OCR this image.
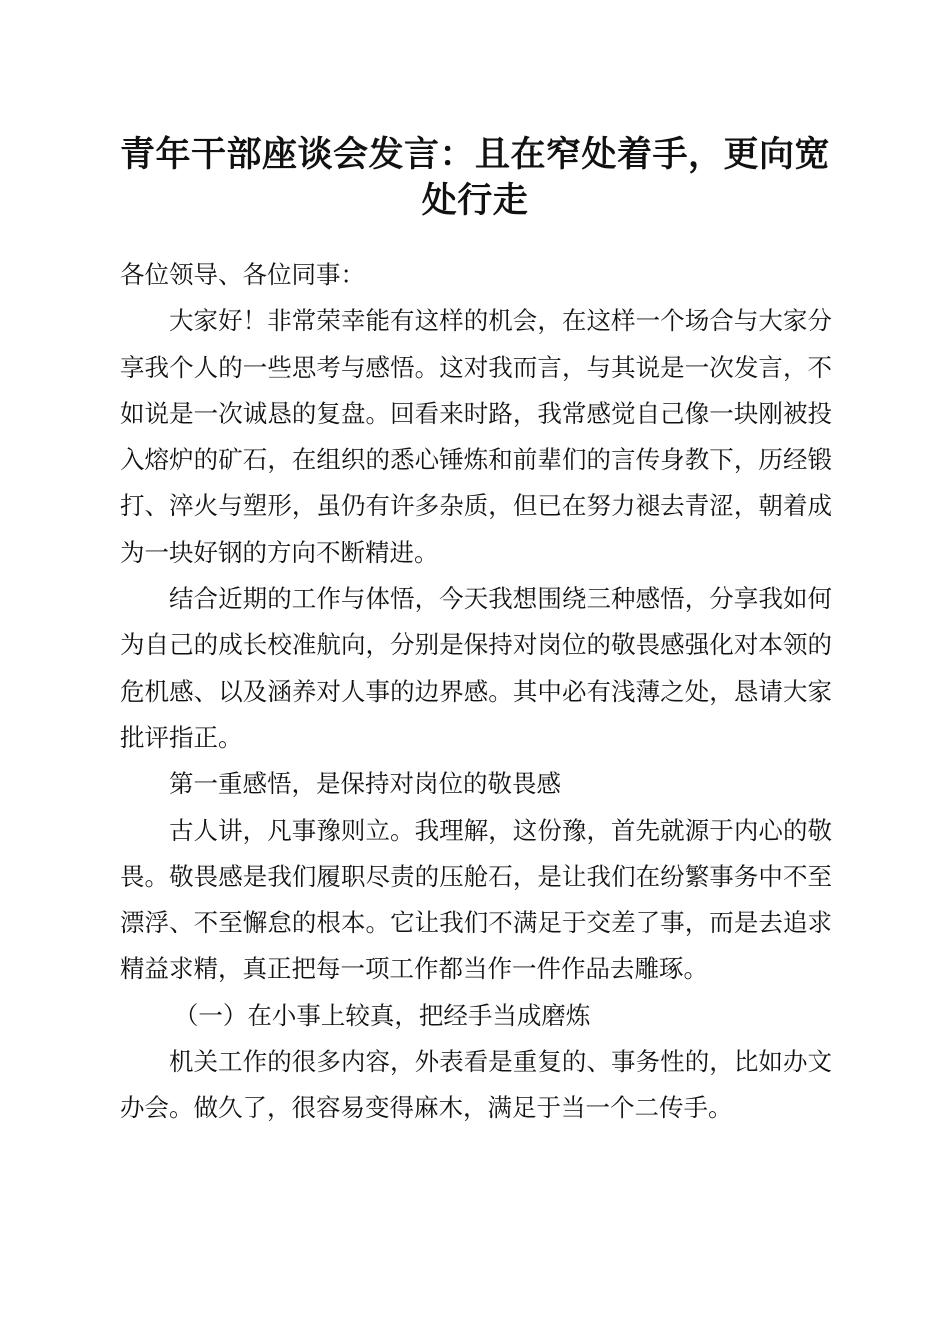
青年干部座谈会发言：且在窄处着手，更向宽处行走

各位领导、各位同事：

大家好！非常荣幸能有这样的机会，在这样一个场合与大家分享我个人的一些思考与感悟。这对我而言，与其说是一次发言，不如说是一次诚恳的复盘。回看来时路，我常感觉自己像一块刚被投入熔炉的矿石，在组织的悉心锤炼和前辈们的言传身教下，历经锻打、淬火与塑形，虽仍有许多杂质，但已在努力褪去青涩，朝着成为一块好钢的方向不断精进。

结合近期的工作与体悟，今天我想围绕三种感悟，分享我如何为自己的成长校准航向，分别是保持对岗位的敬畏感强化对本领的危机感、以及涵养对人事的边界感。其中必有浅薄之处，恳请大家批评指正。

第一重感悟，是保持对岗位的敬畏感

古人讲，凡事豫则立。我理解，这份豫，首先就源于内心的敬畏。敬畏感是我们履职尽责的压舱石，是让我们在纷繁事务中不至漂浮、不至懈怠的根本。它让我们不满足于交差了事，而是去追求精益求精，真正把每一项工作都当作一件作品去雕琢。

（一）在小事上较真，把经手当成磨炼

机关工作的很多内容，外表看是重复的、事务性的，比如办文办会。做久了，很容易变得麻木，满足于当一个二传手。
